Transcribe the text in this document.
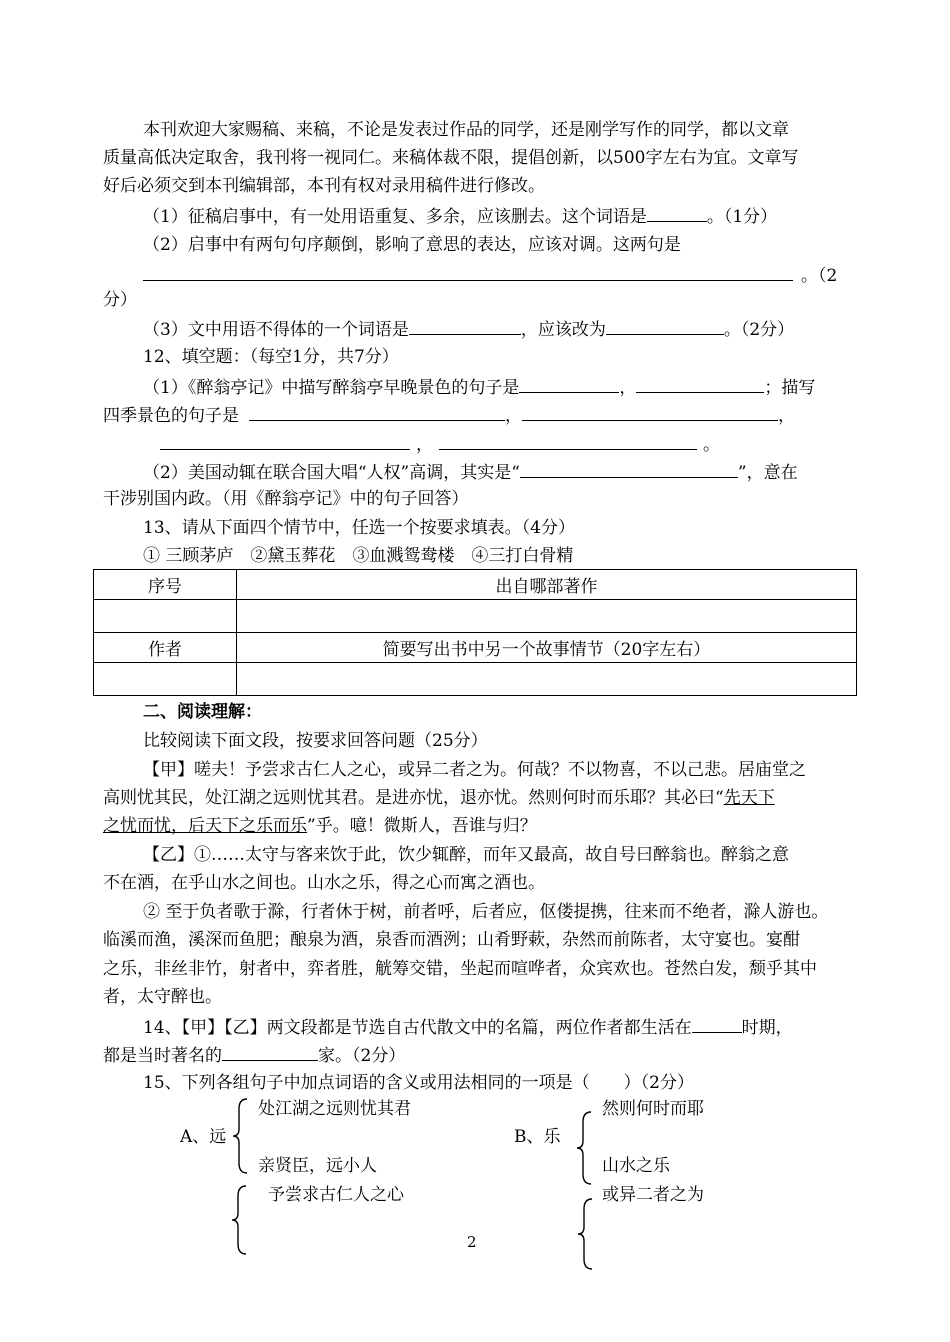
本刊欢迎大家赐稿、来稿，不论是发表过作品的同学，还是刚学写作的同学，都以文章
质量高低决定取舍，我刊将一视同仁。来稿体裁不限，提倡创新，以500字左右为宜。文章写
好后必须交到本刊编辑部，本刊有权对录用稿件进行修改。
（1）征稿启事中，有一处用语重复、多余，应该删去。这个词语是	。（1分）
（2）启事中有两句句序颠倒，影响了意思的表达，应该对调。这两句是
。（2
分）
（3）文中用语不得体的一个词语是	，应该改为	。（2分）
12、填空题：（每空1分，共7分）
（1）《醉翁亭记》中描写醉翁亭早晚景色的句子是	，	；描写
四季景色的句子是	，	，
，	。
（2）美国动辄在联合国大唱“人权”高调，其实是“	”，意在
干涉别国内政。（用《醉翁亭记》中的句子回答）
13、请从下面四个情节中，任选一个按要求填表。（4分）
① 三顾茅庐　②黛玉葬花　③血溅鸳鸯楼　④三打白骨精
序号	出自哪部著作

作者	简要写出书中另一个故事情节（20字左右）

二、阅读理解：
比较阅读下面文段，按要求回答问题（25分）
【甲】嗟夫！予尝求古仁人之心，或异二者之为。何哉？不以物喜，不以己悲。居庙堂之
高则忧其民，处江湖之远则忧其君。是进亦忧，退亦忧。然则何时而乐耶？其必曰“先天下
之忧而忧，后天下之乐而乐”乎。噫！微斯人，吾谁与归？
【乙】①……太守与客来饮于此，饮少辄醉，而年又最高，故自号曰醉翁也。醉翁之意
不在酒，在乎山水之间也。山水之乐，得之心而寓之酒也。
② 至于负者歌于滁，行者休于树，前者呼，后者应，伛偻提携，往来而不绝者，滁人游也。
临溪而渔，溪深而鱼肥；酿泉为酒，泉香而酒洌；山肴野蔌，杂然而前陈者，太守宴也。宴酣
之乐，非丝非竹，射者中，弈者胜，觥筹交错，坐起而喧哗者，众宾欢也。苍然白发，颓乎其中
者，太守醉也。
14、【甲】【乙】两文段都是节选自古代散文中的名篇，两位作者都生活在	时期，
都是当时著名的	家。（2分）
15、下列各组句子中加点词语的含义或用法相同的一项是（　　）（2分）
A、远
处江湖之远则忧其君
亲贤臣，远小人
B、乐
然则何时而耶
山水之乐
予尝求古仁人之心	或异二者之为
2
